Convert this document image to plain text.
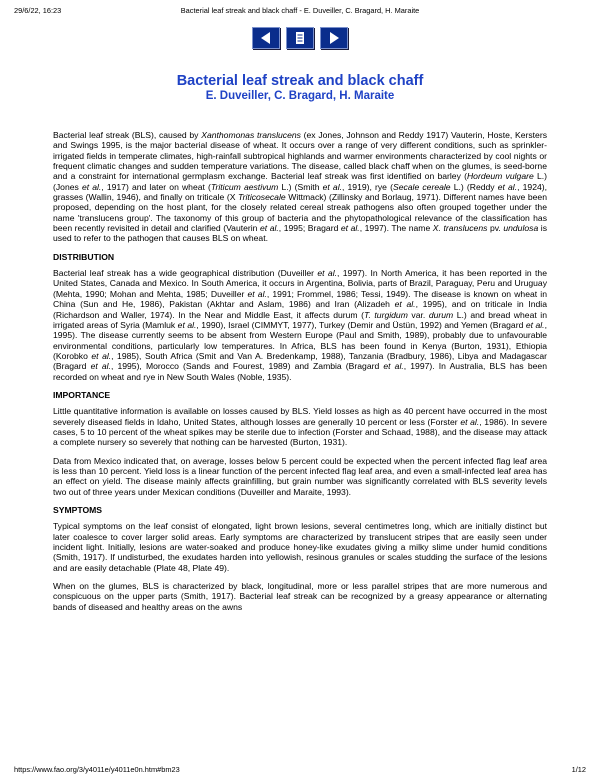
29/6/22, 16:23	Bacterial leaf streak and black chaff - E. Duveiller, C. Bragard, H. Maraite

Bacterial leaf streak and black chaff
E. Duveiller, C. Bragard, H. Maraite

Bacterial leaf streak (BLS), caused by Xanthomonas translucens (ex Jones, Johnson and Reddy 1917) Vauterin, Hoste, Kersters and Swings 1995, is the major bacterial disease of wheat. It occurs over a range of very different conditions, such as sprinkler-irrigated fields in temperate climates, high-rainfall subtropical highlands and warmer environments characterized by cool nights or frequent climatic changes and sudden temperature variations. The disease, called black chaff when on the glumes, is seed-borne and a constraint for international germplasm exchange. Bacterial leaf streak was first identified on barley (Hordeum vulgare L.) (Jones et al., 1917) and later on wheat (Triticum aestivum L.) (Smith et al., 1919), rye (Secale cereale L.) (Reddy et al., 1924), grasses (Wallin, 1946), and finally on triticale (X Triticosecale Wittmack) (Zillinsky and Borlaug, 1971). Different names have been proposed, depending on the host plant, for the closely related cereal streak pathogens also often grouped together under the name 'translucens group'. The taxonomy of this group of bacteria and the phytopathological relevance of the classification has been recently revisited in detail and clarified (Vauterin et al., 1995; Bragard et al., 1997). The name X. translucens pv. undulosa is used to refer to the pathogen that causes BLS on wheat.

DISTRIBUTION

Bacterial leaf streak has a wide geographical distribution (Duveiller et al., 1997). In North America, it has been reported in the United States, Canada and Mexico. In South America, it occurs in Argentina, Bolivia, parts of Brazil, Paraguay, Peru and Uruguay (Mehta, 1990; Mohan and Mehta, 1985; Duveiller et al., 1991; Frommel, 1986; Tessi, 1949). The disease is known on wheat in China (Sun and He, 1986), Pakistan (Akhtar and Aslam, 1986) and Iran (Alizadeh et al., 1995), and on triticale in India (Richardson and Waller, 1974). In the Near and Middle East, it affects durum (T. turgidum var. durum L.) and bread wheat in irrigated areas of Syria (Mamluk et al., 1990), Israel (CIMMYT, 1977), Turkey (Demir and Üstün, 1992) and Yemen (Bragard et al., 1995). The disease currently seems to be absent from Western Europe (Paul and Smith, 1989), probably due to unfavourable environmental conditions, particularly low temperatures. In Africa, BLS has been found in Kenya (Burton, 1931), Ethiopia (Korobko et al., 1985), South Africa (Smit and Van A. Bredenkamp, 1988), Tanzania (Bradbury, 1986), Libya and Madagascar (Bragard et al., 1995), Morocco (Sands and Fourest, 1989) and Zambia (Bragard et al., 1997). In Australia, BLS has been recorded on wheat and rye in New South Wales (Noble, 1935).

IMPORTANCE

Little quantitative information is available on losses caused by BLS. Yield losses as high as 40 percent have occurred in the most severely diseased fields in Idaho, United States, although losses are generally 10 percent or less (Forster et al., 1986). In severe cases, 5 to 10 percent of the wheat spikes may be sterile due to infection (Forster and Schaad, 1988), and the disease may attack a complete nursery so severely that nothing can be harvested (Burton, 1931).

Data from Mexico indicated that, on average, losses below 5 percent could be expected when the percent infected flag leaf area is less than 10 percent. Yield loss is a linear function of the percent infected flag leaf area, and even a small-infected leaf area has an effect on yield. The disease mainly affects grainfilling, but grain number was significantly correlated with BLS severity levels two out of three years under Mexican conditions (Duveiller and Maraite, 1993).

SYMPTOMS

Typical symptoms on the leaf consist of elongated, light brown lesions, several centimetres long, which are initially distinct but later coalesce to cover larger solid areas. Early symptoms are characterized by translucent stripes that are easily seen under incident light. Initially, lesions are water-soaked and produce honey-like exudates giving a milky slime under humid conditions (Smith, 1917). If undisturbed, the exudates harden into yellowish, resinous granules or scales studding the surface of the lesions and are easily detachable (Plate 48, Plate 49).

When on the glumes, BLS is characterized by black, longitudinal, more or less parallel stripes that are more numerous and conspicuous on the upper parts (Smith, 1917). Bacterial leaf streak can be recognized by a greasy appearance or alternating bands of diseased and healthy areas on the awns

https://www.fao.org/3/y4011e/y4011e0n.htm#bm23	1/12
